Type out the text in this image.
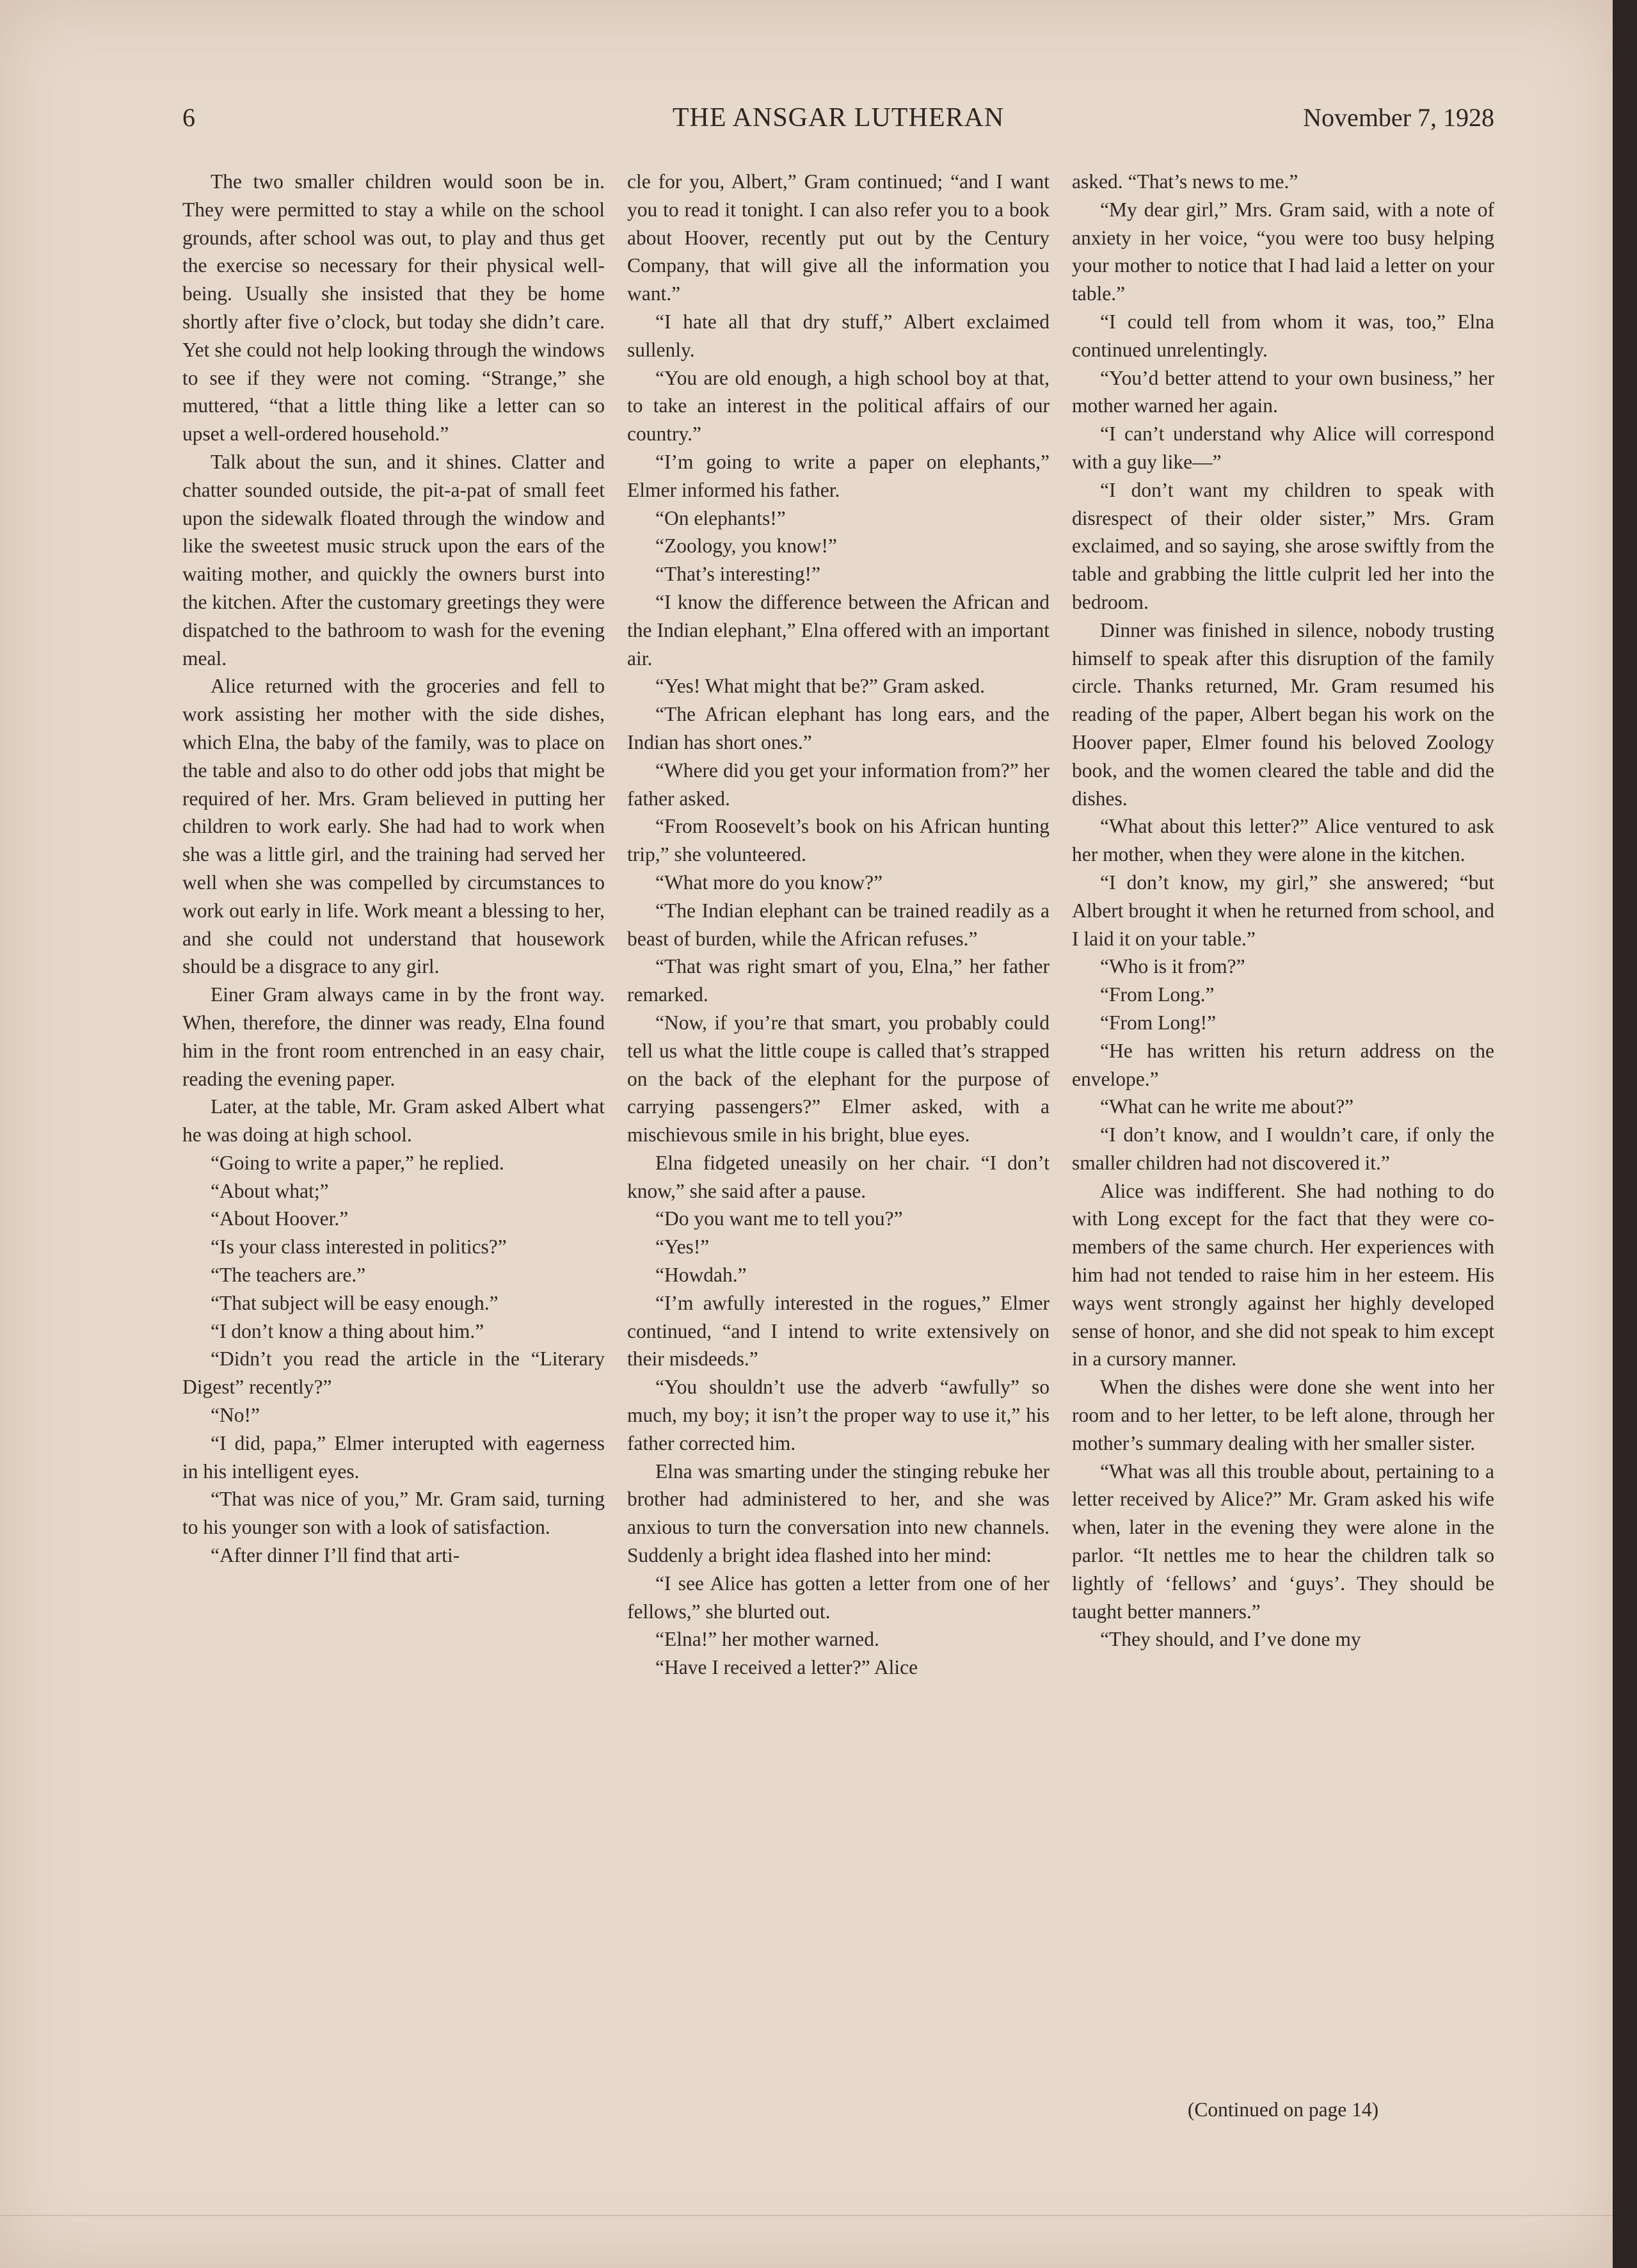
6	THE ANSGAR LUTHERAN	November 7, 1928

The two smaller children would soon be in. They were permitted to stay a while on the school grounds, after school was out, to play and thus get the exercise so necessary for their physical well-being. Usually she insisted that they be home shortly after five o’clock, but today she didn’t care. Yet she could not help looking through the windows to see if they were not coming. “Strange,” she muttered, “that a little thing like a letter can so upset a well-ordered household.”

Talk about the sun, and it shines. Clatter and chatter sounded outside, the pit-a-pat of small feet upon the sidewalk floated through the window and like the sweetest music struck upon the ears of the waiting mother, and quickly the owners burst into the kitchen. After the customary greetings they were dispatched to the bathroom to wash for the evening meal.

Alice returned with the groceries and fell to work assisting her mother with the side dishes, which Elna, the baby of the family, was to place on the table and also to do other odd jobs that might be required of her. Mrs. Gram believed in putting her children to work early. She had had to work when she was a little girl, and the training had served her well when she was compelled by circumstances to work out early in life. Work meant a blessing to her, and she could not understand that housework should be a disgrace to any girl.

Einer Gram always came in by the front way. When, therefore, the dinner was ready, Elna found him in the front room entrenched in an easy chair, reading the evening paper.

Later, at the table, Mr. Gram asked Albert what he was doing at high school.

“Going to write a paper,” he replied.

“About what;”

“About Hoover.”

“Is your class interested in politics?”

“The teachers are.”

“That subject will be easy enough.”

“I don’t know a thing about him.”

“Didn’t you read the article in the “Literary Digest” recently?”

“No!”

“I did, papa,” Elmer interupted with eagerness in his intelligent eyes.

“That was nice of you,” Mr. Gram said, turning to his younger son with a look of satisfaction.

“After dinner I’ll find that arti-

cle for you, Albert,” Gram continued; “and I want you to read it tonight. I can also refer you to a book about Hoover, recently put out by the Century Company, that will give all the information you want.”

“I hate all that dry stuff,” Albert exclaimed sullenly.

“You are old enough, a high school boy at that, to take an interest in the political affairs of our country.”

“I’m going to write a paper on elephants,” Elmer informed his father.

“On elephants!”

“Zoology, you know!”

“That’s interesting!”

“I know the difference between the African and the Indian elephant,” Elna offered with an important air.

“Yes! What might that be?” Gram asked.

“The African elephant has long ears, and the Indian has short ones.”

“Where did you get your information from?” her father asked.

“From Roosevelt’s book on his African hunting trip,” she volunteered.

“What more do you know?”

“The Indian elephant can be trained readily as a beast of burden, while the African refuses.”

“That was right smart of you, Elna,” her father remarked.

“Now, if you’re that smart, you probably could tell us what the little coupe is called that’s strapped on the back of the elephant for the purpose of carrying passengers?” Elmer asked, with a mischievous smile in his bright, blue eyes.

Elna fidgeted uneasily on her chair. “I don’t know,” she said after a pause.

“Do you want me to tell you?”

“Yes!”

“Howdah.”

“I’m awfully interested in the rogues,” Elmer continued, “and I intend to write extensively on their misdeeds.”

“You shouldn’t use the adverb “awfully” so much, my boy; it isn’t the proper way to use it,” his father corrected him.

Elna was smarting under the stinging rebuke her brother had administered to her, and she was anxious to turn the conversation into new channels. Suddenly a bright idea flashed into her mind:

“I see Alice has gotten a letter from one of her fellows,” she blurted out.

“Elna!” her mother warned.

“Have I received a letter?” Alice

asked. “That’s news to me.”

“My dear girl,” Mrs. Gram said, with a note of anxiety in her voice, “you were too busy helping your mother to notice that I had laid a letter on your table.”

“I could tell from whom it was, too,” Elna continued unrelentingly.

“You’d better attend to your own business,” her mother warned her again.

“I can’t understand why Alice will correspond with a guy like—”

“I don’t want my children to speak with disrespect of their older sister,” Mrs. Gram exclaimed, and so saying, she arose swiftly from the table and grabbing the little culprit led her into the bedroom.

Dinner was finished in silence, nobody trusting himself to speak after this disruption of the family circle. Thanks returned, Mr. Gram resumed his reading of the paper, Albert began his work on the Hoover paper, Elmer found his beloved Zoology book, and the women cleared the table and did the dishes.

“What about this letter?” Alice ventured to ask her mother, when they were alone in the kitchen.

“I don’t know, my girl,” she answered; “but Albert brought it when he returned from school, and I laid it on your table.”

“Who is it from?”

“From Long.”

“From Long!”

“He has written his return address on the envelope.”

“What can he write me about?”

“I don’t know, and I wouldn’t care, if only the smaller children had not discovered it.”

Alice was indifferent. She had nothing to do with Long except for the fact that they were co-members of the same church. Her experiences with him had not tended to raise him in her esteem. His ways went strongly against her highly developed sense of honor, and she did not speak to him except in a cursory manner.

When the dishes were done she went into her room and to her letter, to be left alone, through her mother’s summary dealing with her smaller sister.

“What was all this trouble about, pertaining to a letter received by Alice?” Mr. Gram asked his wife when, later in the evening they were alone in the parlor. “It nettles me to hear the children talk so lightly of ‘fellows’ and ‘guys’. They should be taught better manners.”

“They should, and I’ve done my

(Continued on page 14)
